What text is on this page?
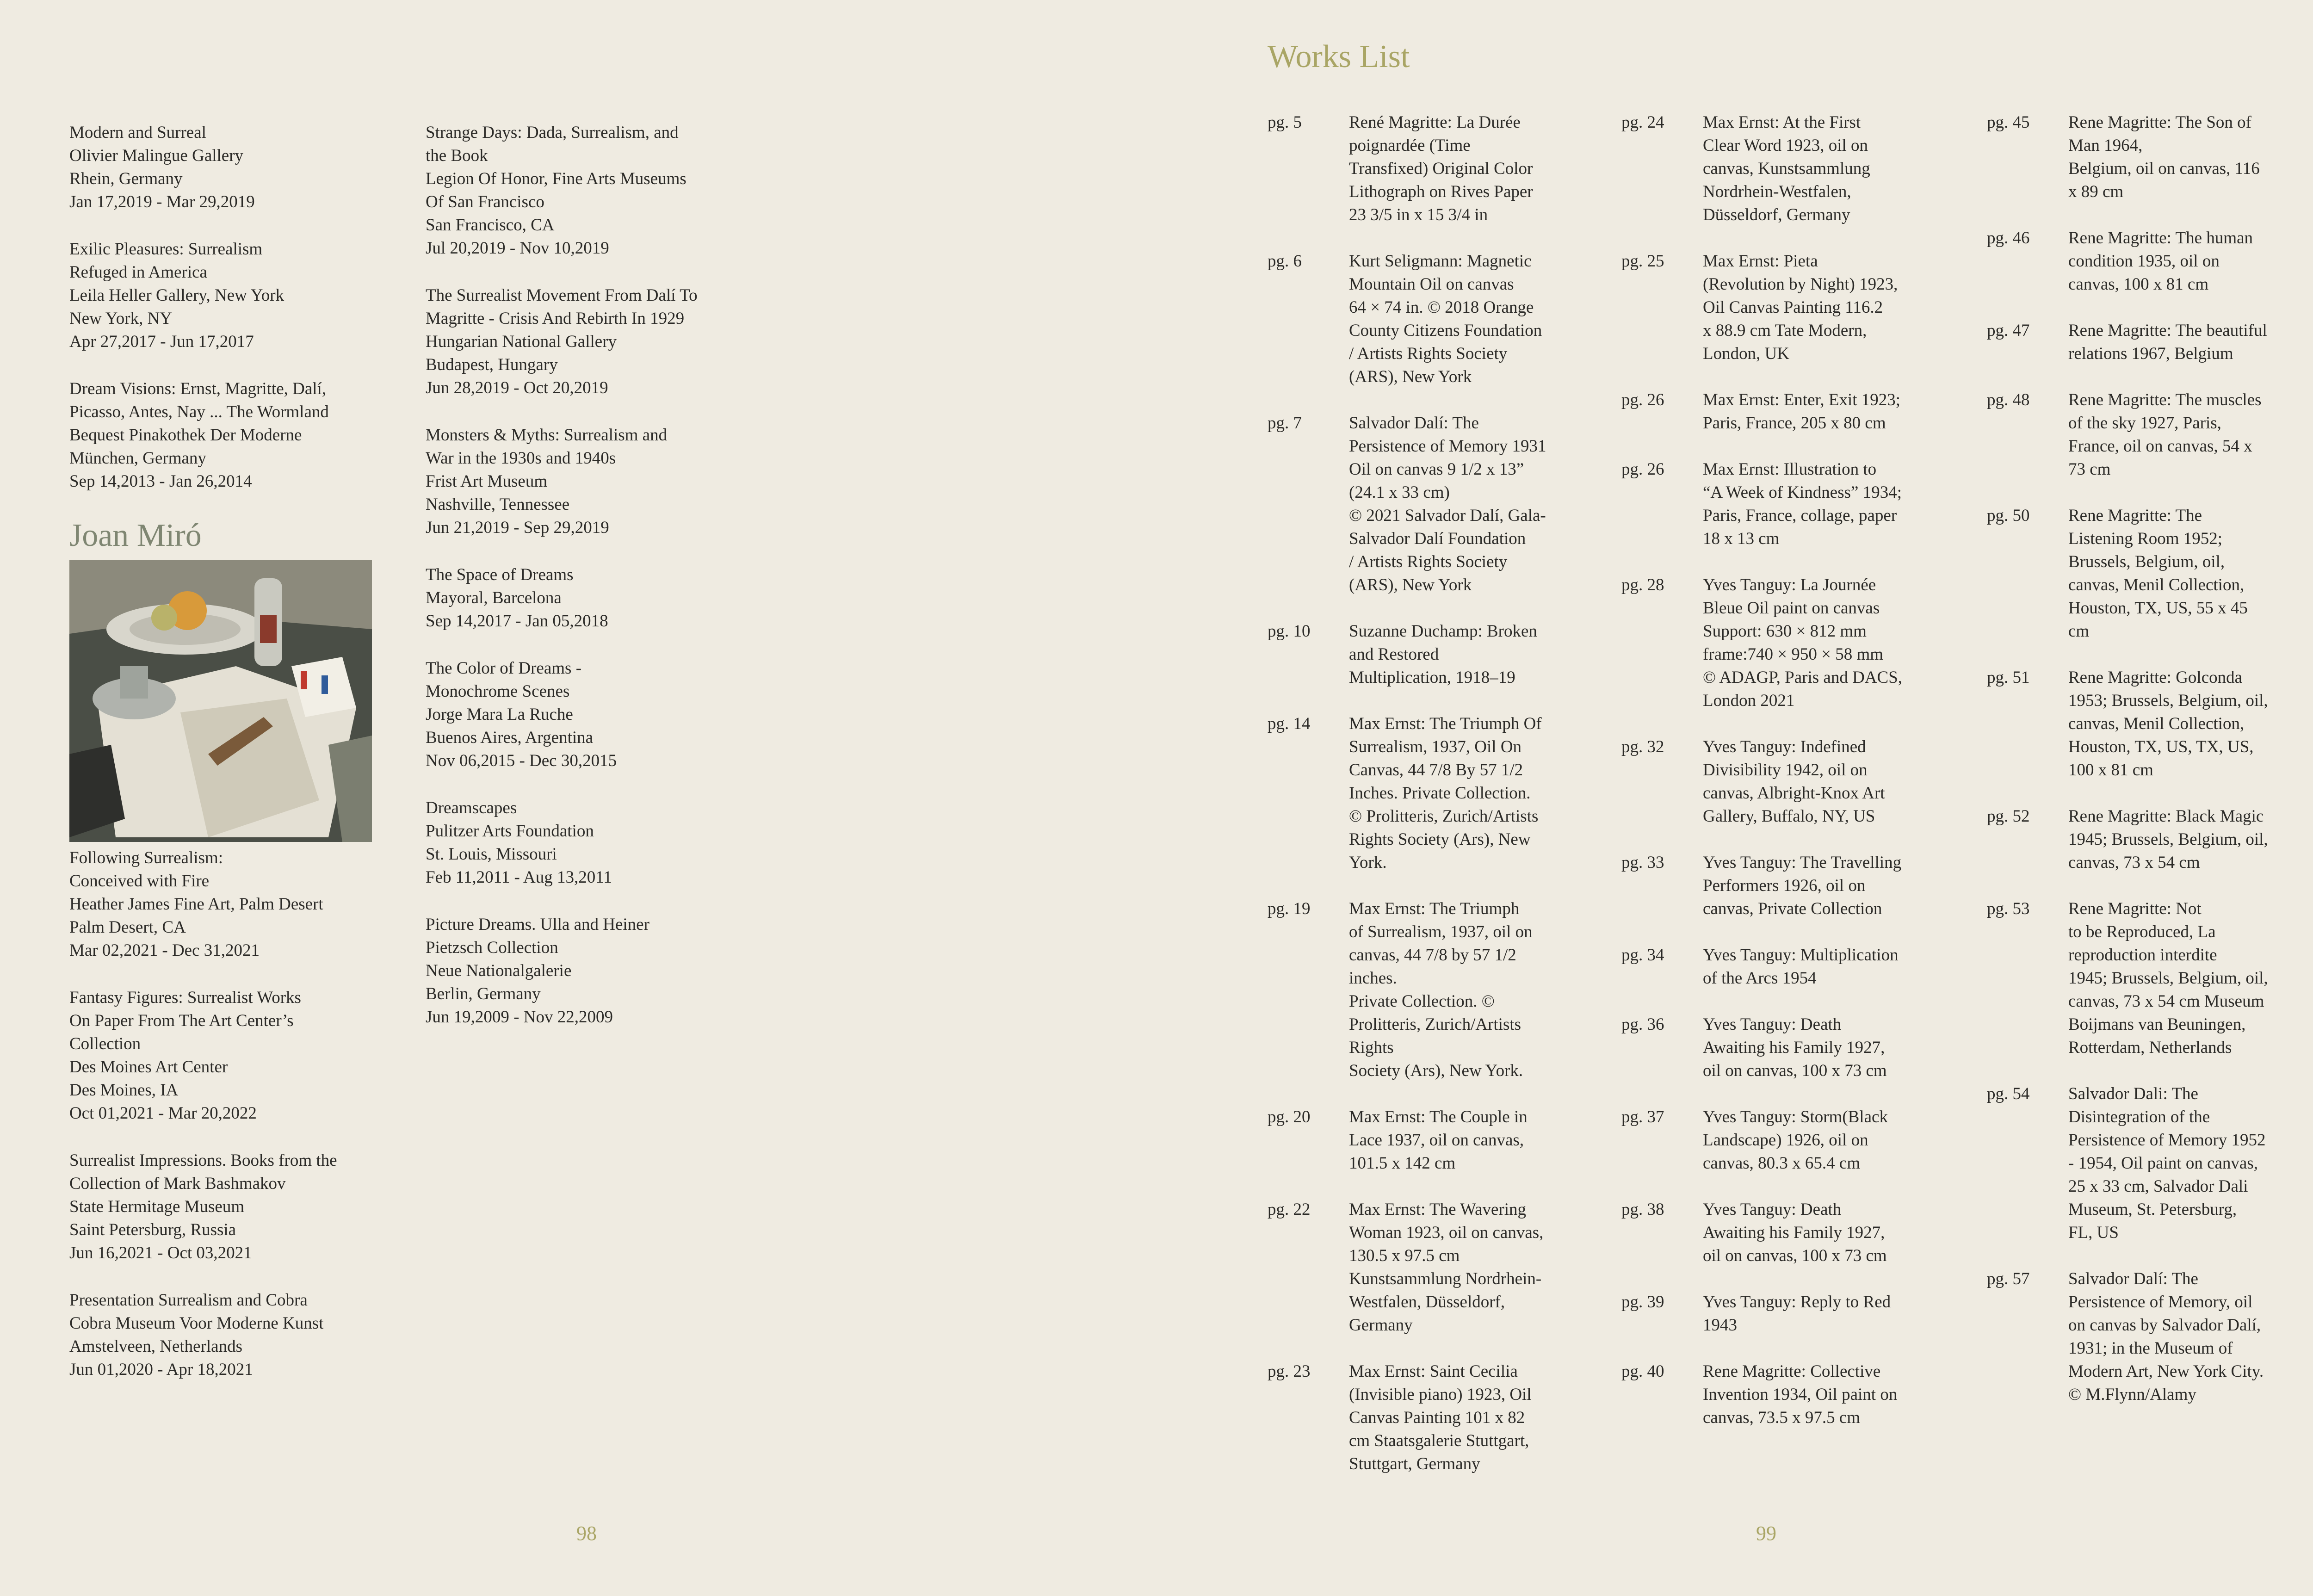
Modern and Surreal
Olivier Malingue Gallery
Rhein, Germany
Jan 17,2019 - Mar 29,2019
Exilic Pleasures: Surrealism
Refuged in America
Leila Heller Gallery, New York
New York, NY
Apr 27,2017 - Jun 17,2017
Dream Visions: Ernst, Magritte, Dalí,
Picasso, Antes, Nay ... The Wormland
Bequest Pinakothek Der Moderne
München, Germany
Sep 14,2013 - Jan 26,2014
Joan Miró
Following Surrealism:
Conceived with Fire
Heather James Fine Art, Palm Desert
Palm Desert, CA
Mar 02,2021 - Dec 31,2021
Fantasy Figures: Surrealist Works
On Paper From The Art Center’s
Collection
Des Moines Art Center
Des Moines, IA
Oct 01,2021 - Mar 20,2022
Surrealist Impressions. Books from the
Collection of Mark Bashmakov
State Hermitage Museum
Saint Petersburg, Russia
Jun 16,2021 - Oct 03,2021
Presentation Surrealism and Cobra
Cobra Museum Voor Moderne Kunst
Amstelveen, Netherlands
Jun 01,2020 - Apr 18,2021
Strange Days: Dada, Surrealism, and
the Book
Legion Of Honor, Fine Arts Museums
Of San Francisco
San Francisco, CA
Jul 20,2019 - Nov 10,2019
The Surrealist Movement From Dalí To
Magritte - Crisis And Rebirth In 1929
Hungarian National Gallery
Budapest, Hungary
Jun 28,2019 - Oct 20,2019
Monsters & Myths: Surrealism and
War in the 1930s and 1940s
Frist Art Museum
Nashville, Tennessee
Jun 21,2019 - Sep 29,2019
The Space of Dreams
Mayoral, Barcelona
Sep 14,2017 - Jan 05,2018
The Color of Dreams -
Monochrome Scenes
Jorge Mara La Ruche
Buenos Aires, Argentina
Nov 06,2015 - Dec 30,2015
Dreamscapes
Pulitzer Arts Foundation
St. Louis, Missouri
Feb 11,2011 - Aug 13,2011
Picture Dreams. Ulla and Heiner
Pietzsch Collection
Neue Nationalgalerie
Berlin, Germany
Jun 19,2009 - Nov 22,2009
98
Works List
pg. 5	René Magritte: La Durée
poignardée (Time
Transfixed) Original Color
Lithograph on Rives Paper
23 3/5 in x 15 3/4 in
pg. 6	Kurt Seligmann: Magnetic
Mountain Oil on canvas
64 × 74 in. © 2018 Orange
County Citizens Foundation
/ Artists Rights Society
(ARS), New York
pg. 7	Salvador Dalí: The
Persistence of Memory 1931
Oil on canvas 9 1/2 x 13”
(24.1 x 33 cm)
© 2021 Salvador Dalí, Gala-
Salvador Dalí Foundation
/ Artists Rights Society
(ARS), New York
pg. 10 Suzanne Duchamp: Broken
and Restored
Multiplication, 1918–19
pg. 14 Max Ernst: The Triumph Of
Surrealism, 1937, Oil On
Canvas, 44 7/8 By 57 1/2
Inches. Private Collection.
© Prolitteris, Zurich/Artists
Rights Society (Ars), New
York.
pg. 19 Max Ernst: The Triumph
of Surrealism, 1937, oil on
canvas, 44 7/8 by 57 1/2
inches.
Private Collection. ©
Prolitteris, Zurich/Artists
Rights
Society (Ars), New York.
pg. 20 Max Ernst: The Couple in
Lace 1937, oil on canvas,
101.5 x 142 cm
pg. 22 Max Ernst: The Wavering
Woman 1923, oil on canvas,
130.5 x 97.5 cm
Kunstsammlung Nordrhein-
Westfalen, Düsseldorf,
Germany
pg. 23 Max Ernst: Saint Cecilia
(Invisible piano) 1923, Oil
Canvas Painting 101 x 82
cm Staatsgalerie Stuttgart,
Stuttgart, Germany
pg. 24 Max Ernst: At the First
Clear Word 1923, oil on
canvas, Kunstsammlung
Nordrhein-Westfalen,
Düsseldorf, Germany
pg. 25 Max Ernst: Pieta
(Revolution by Night) 1923,
Oil Canvas Painting 116.2
x 88.9 cm Tate Modern,
London, UK
pg. 26 Max Ernst: Enter, Exit 1923;
Paris, France, 205 x 80 cm
pg. 26 Max Ernst: Illustration to
“A Week of Kindness” 1934;
Paris, France, collage, paper
18 x 13 cm
pg. 28 Yves Tanguy: La Journée
Bleue Oil paint on canvas
Support: 630 × 812 mm
frame:740 × 950 × 58 mm
© ADAGP, Paris and DACS,
London 2021
pg. 32 Yves Tanguy: Indefined
Divisibility 1942, oil on
canvas, Albright-Knox Art
Gallery, Buffalo, NY, US
pg. 33 Yves Tanguy: The Travelling
Performers 1926, oil on
canvas, Private Collection
pg. 34 Yves Tanguy: Multiplication
of the Arcs 1954
pg. 36 Yves Tanguy: Death
Awaiting his Family 1927,
oil on canvas, 100 x 73 cm
pg. 37 Yves Tanguy: Storm(Black
Landscape) 1926, oil on
canvas, 80.3 x 65.4 cm
pg. 38 Yves Tanguy: Death
Awaiting his Family 1927,
oil on canvas, 100 x 73 cm
pg. 39 Yves Tanguy: Reply to Red
1943
pg. 40 Rene Magritte: Collective
Invention 1934, Oil paint on
canvas, 73.5 x 97.5 cm
pg. 45 Rene Magritte: The Son of
Man 1964,
Belgium, oil on canvas, 116
x 89 cm
pg. 46 Rene Magritte: The human
condition 1935, oil on
canvas, 100 x 81 cm
pg. 47 Rene Magritte: The beautiful
relations 1967, Belgium
pg. 48 Rene Magritte: The muscles
of the sky 1927, Paris,
France, oil on canvas, 54 x
73 cm
pg. 50 Rene Magritte: The
Listening Room 1952;
Brussels, Belgium, oil,
canvas, Menil Collection,
Houston, TX, US, 55 x 45
cm
pg. 51 Rene Magritte: Golconda
1953; Brussels, Belgium, oil,
canvas, Menil Collection,
Houston, TX, US, TX, US,
100 x 81 cm
pg. 52 Rene Magritte: Black Magic
1945; Brussels, Belgium, oil,
canvas, 73 x 54 cm
pg. 53 Rene Magritte: Not
to be Reproduced, La
reproduction interdite
1945; Brussels, Belgium, oil,
canvas, 73 x 54 cm Museum
Boijmans van Beuningen,
Rotterdam, Netherlands
pg. 54 Salvador Dali: The
Disintegration of the
Persistence of Memory 1952
- 1954, Oil paint on canvas,
25 x 33 cm, Salvador Dali
Museum, St. Petersburg,
FL, US
pg. 57 Salvador Dalí: The
Persistence of Memory, oil
on canvas by Salvador Dalí,
1931; in the Museum of
Modern Art, New York City.
© M.Flynn/Alamy
99
